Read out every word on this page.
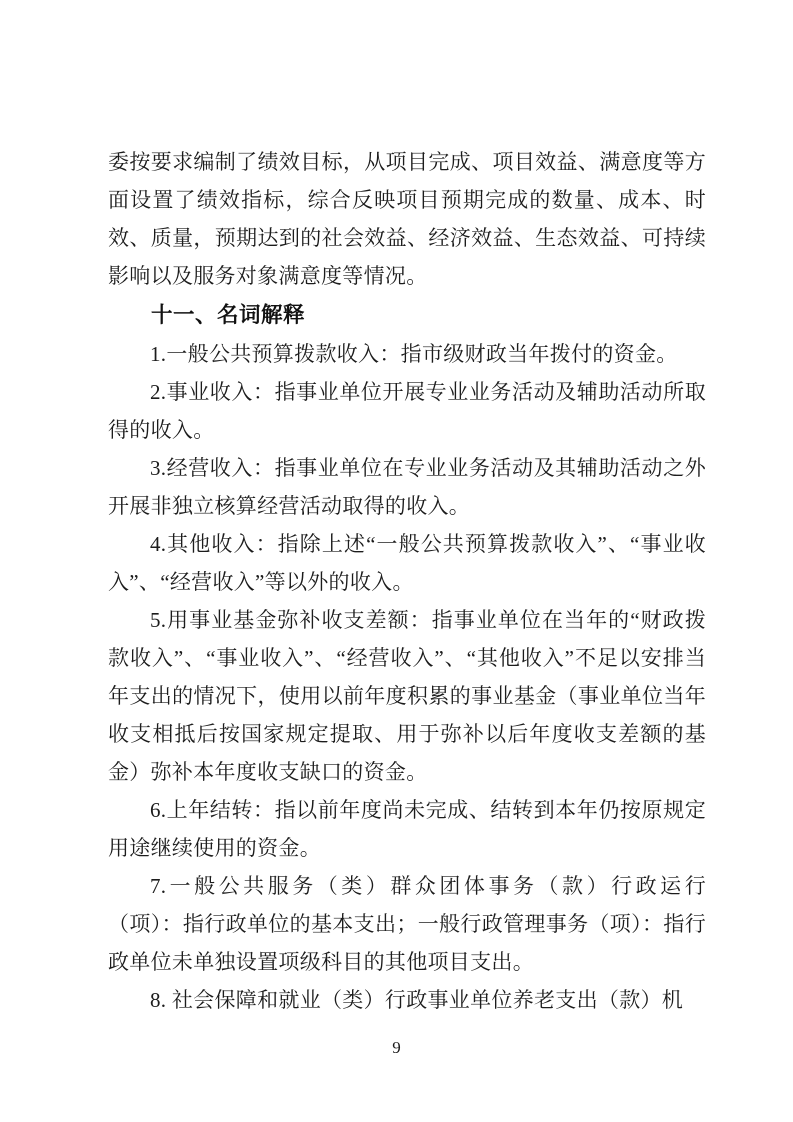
委按要求编制了绩效目标，从项目完成、项目效益、满意度等方面设置了绩效指标，综合反映项目预期完成的数量、成本、时效、质量，预期达到的社会效益、经济效益、生态效益、可持续影响以及服务对象满意度等情况。

十一、名词解释

1.一般公共预算拨款收入：指市级财政当年拨付的资金。

2.事业收入：指事业单位开展专业业务活动及辅助活动所取得的收入。

3.经营收入：指事业单位在专业业务活动及其辅助活动之外开展非独立核算经营活动取得的收入。

4.其他收入：指除上述“一般公共预算拨款收入”、“事业收入”、“经营收入”等以外的收入。

5.用事业基金弥补收支差额：指事业单位在当年的“财政拨款收入”、“事业收入”、“经营收入”、“其他收入”不足以安排当年支出的情况下，使用以前年度积累的事业基金（事业单位当年收支相抵后按国家规定提取、用于弥补以后年度收支差额的基金）弥补本年度收支缺口的资金。

6.上年结转：指以前年度尚未完成、结转到本年仍按原规定用途继续使用的资金。

7.一般公共服务（类）群众团体事务（款）行政运行（项）：指行政单位的基本支出；一般行政管理事务（项）：指行政单位未单独设置项级科目的其他项目支出。

8. 社会保障和就业（类）行政事业单位养老支出（款）机

9
